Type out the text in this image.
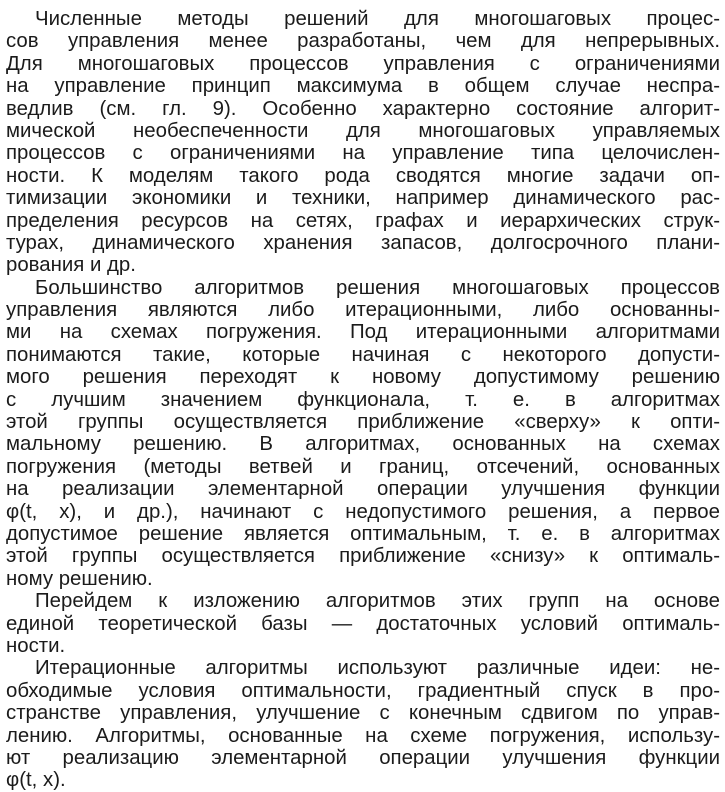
Численные методы решений для многошаговых процес-
сов управления менее разработаны, чем для непрерывных.
Для многошаговых процессов управления с ограничениями
на управление принцип максимума в общем случае неспра-
ведлив (см. гл. 9). Особенно характерно состояние алгорит-
мической необеспеченности для многошаговых управляемых
процессов с ограничениями на управление типа целочислен-
ности. К моделям такого рода сводятся многие задачи оп-
тимизации экономики и техники, например динамического рас-
пределения ресурсов на сетях, графах и иерархических струк-
турах, динамического хранения запасов, долгосрочного плани-
рования и др.
Большинство алгоритмов решения многошаговых процессов
управления являются либо итерационными, либо основанны-
ми на схемах погружения. Под итерационными алгоритмами
понимаются такие, которые начиная с некоторого допусти-
мого решения переходят к новому допустимому решению
с лучшим значением функционала, т. е. в алгоритмах
этой группы осуществляется приближение «сверху» к опти-
мальному решению. В алгоритмах, основанных на схемах
погружения (методы ветвей и границ, отсечений, основанных
на реализации элементарной операции улучшения функции
φ(t, x), и др.), начинают с недопустимого решения, а первое
допустимое решение является оптимальным, т. е. в алгоритмах
этой группы осуществляется приближение «снизу» к оптималь-
ному решению.
Перейдем к изложению алгоритмов этих групп на основе
единой теоретической базы — достаточных условий оптималь-
ности.
Итерационные алгоритмы используют различные идеи: не-
обходимые условия оптимальности, градиентный спуск в про-
странстве управления, улучшение с конечным сдвигом по управ-
лению. Алгоритмы, основанные на схеме погружения, использу-
ют реализацию элементарной операции улучшения функции
φ(t, x).
